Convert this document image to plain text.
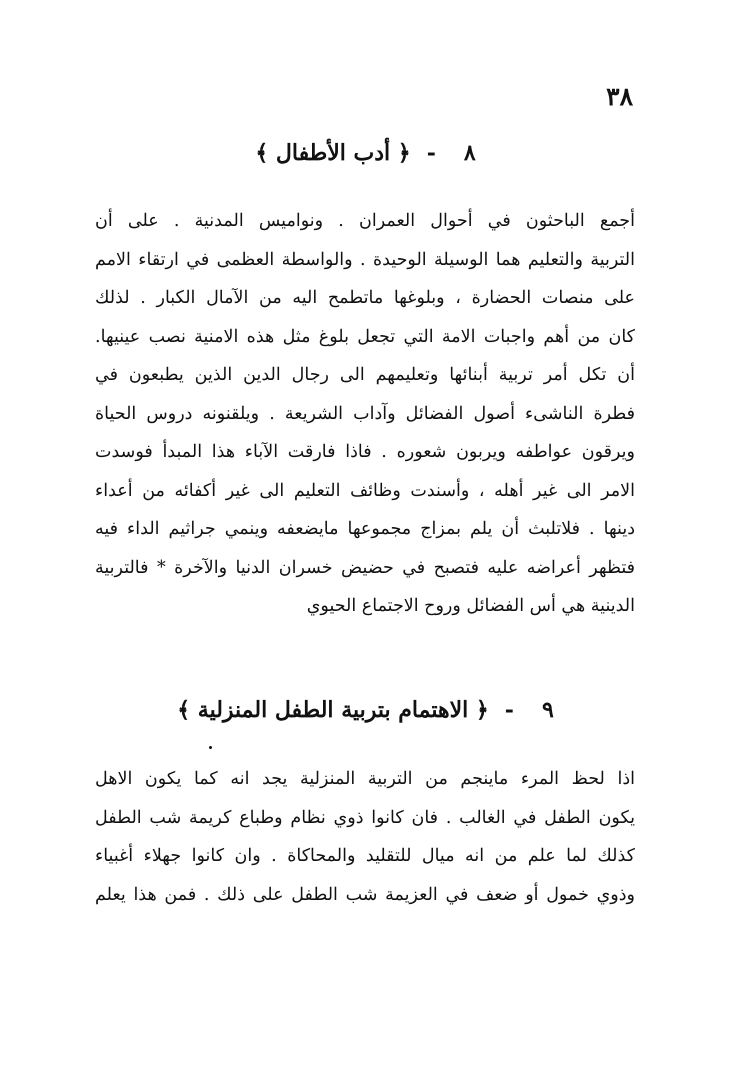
٣٨
٨-﴿ أدب الأطفال ﴾
أجمع الباحثون في أحوال العمران . ونواميس المدنية . على أن
التربية والتعليم هما الوسيلة الوحيدة . والواسطة العظمى في ارتقاء الامم
على منصات الحضارة ، وبلوغها ماتطمح اليه من الآمال الكبار . لذلك
كان من أهم واجبات الامة التي تجعل بلوغ مثل هذه الامنية نصب عينيها.
أن تكل أمر تربية أبنائها وتعليمهم الى رجال الدين الذين يطبعون في
فطرة الناشىء أصول الفضائل وآداب الشريعة . ويلقنونه دروس الحياة
ويرقون عواطفه ويربون شعوره . فاذا فارقت الآباء هذا المبدأ فوسدت
الامر الى غير أهله ، وأسندت وظائف التعليم الى غير أكفائه من أعداء
دينها . فلاتلبث أن يلم بمزاج مجموعها مايضعفه وينمي جراثيم الداء فيه
فتظهر أعراضه عليه فتصبح في حضيض خسران الدنيا والآخرة * فالتربية
الدينية هي أس الفضائل وروح الاجتماع الحيوي
٩-﴿ الاهتمام بتربية الطفل المنزلية ﴾
اذا لحظ المرء ماينجم من التربية المنزلية يجد انه كما يكون الاهل
يكون الطفل في الغالب . فان كانوا ذوي نظام وطباع كريمة شب الطفل
كذلك لما علم من انه ميال للتقليد والمحاكاة . وان كانوا جهلاء أغبياء
وذوي خمول أو ضعف في العزيمة شب الطفل على ذلك . فمن هذا يعلم
